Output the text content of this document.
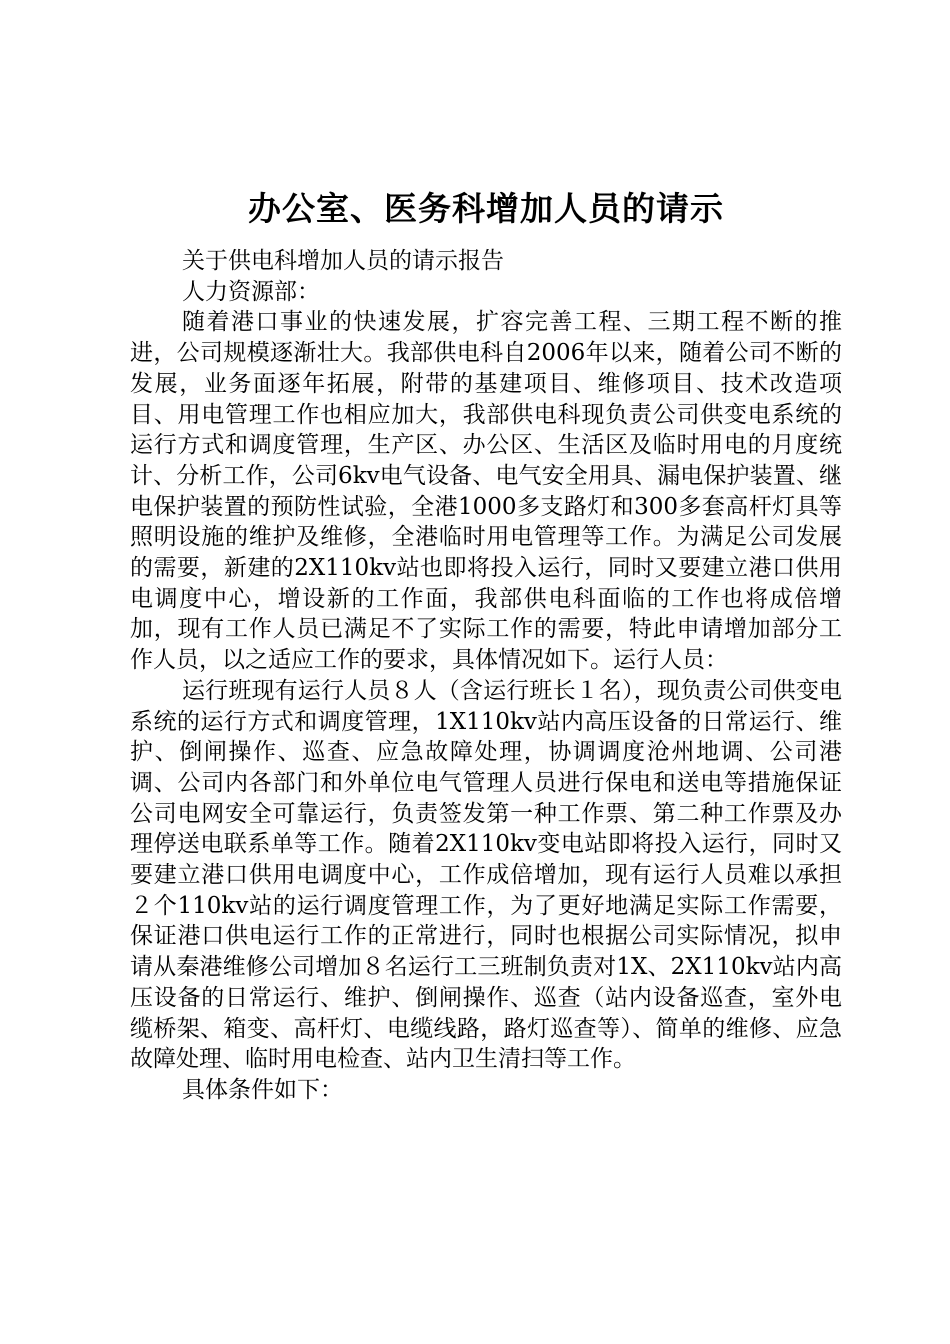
办公室、医务科增加人员的请示

关于供电科增加人员的请示报告

人力资源部：

随着港口事业的快速发展，扩容完善工程、三期工程不断的推进，公司规模逐渐壮大。我部供电科自2006年以来，随着公司不断的发展，业务面逐年拓展，附带的基建项目、维修项目、技术改造项目、用电管理工作也相应加大，我部供电科现负责公司供变电系统的运行方式和调度管理，生产区、办公区、生活区及临时用电的月度统计、分析工作，公司6kv电气设备、电气安全用具、漏电保护装置、继电保护装置的预防性试验，全港1000多支路灯和300多套高杆灯具等照明设施的维护及维修，全港临时用电管理等工作。为满足公司发展的需要，新建的2X110kv站也即将投入运行，同时又要建立港口供用电调度中心，增设新的工作面，我部供电科面临的工作也将成倍增加，现有工作人员已满足不了实际工作的需要，特此申请增加部分工作人员，以之适应工作的要求，具体情况如下。运行人员：

运行班现有运行人员８人（含运行班长１名），现负责公司供变电系统的运行方式和调度管理，1X110kv站内高压设备的日常运行、维护、倒闸操作、巡查、应急故障处理，协调调度沧州地调、公司港调、公司内各部门和外单位电气管理人员进行保电和送电等措施保证公司电网安全可靠运行，负责签发第一种工作票、第二种工作票及办理停送电联系单等工作。随着2X110kv变电站即将投入运行，同时又要建立港口供用电调度中心，工作成倍增加，现有运行人员难以承担２个110kv站的运行调度管理工作，为了更好地满足实际工作需要，保证港口供电运行工作的正常进行，同时也根据公司实际情况，拟申请从秦港维修公司增加８名运行工三班制负责对1X、2X110kv站内高压设备的日常运行、维护、倒闸操作、巡查（站内设备巡查，室外电缆桥架、箱变、高杆灯、电缆线路，路灯巡查等）、简单的维修、应急故障处理、临时用电检查、站内卫生清扫等工作。

具体条件如下：
